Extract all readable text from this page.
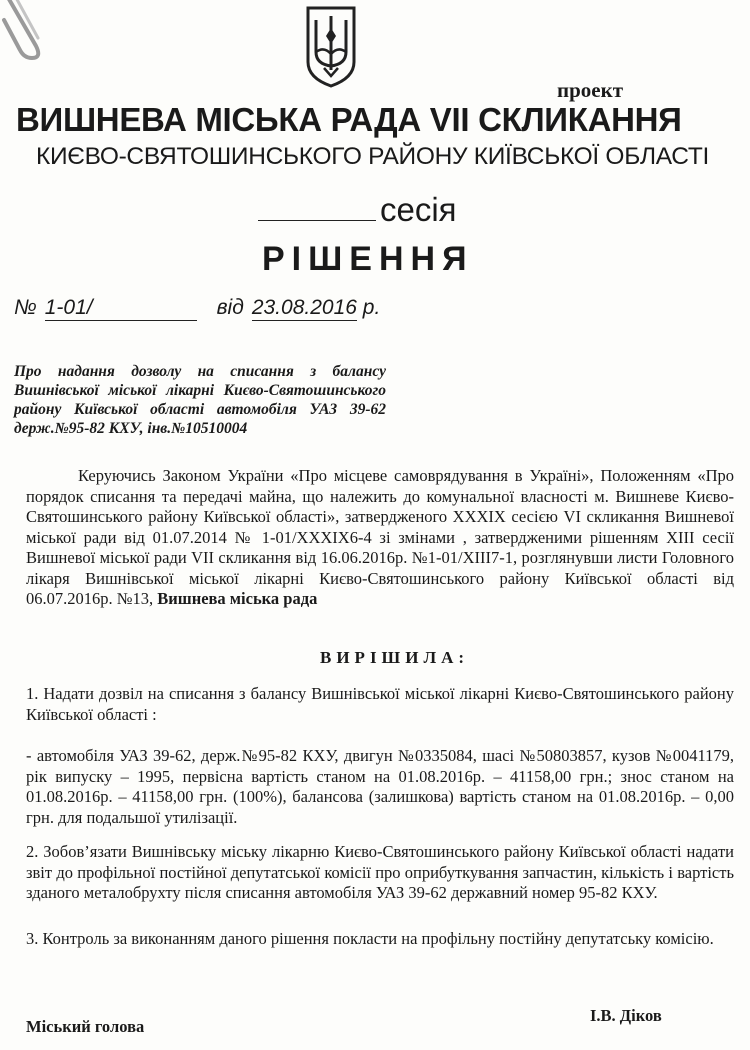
проект
ВИШНЕВА МІСЬКА РАДА VII СКЛИКАННЯ
КИЄВО-СВЯТОШИНСЬКОГО РАЙОНУ КИЇВСЬКОЇ ОБЛАСТІ
сесія
РІШЕННЯ
№ 1-01/	від 23.08.2016 р.
Про надання дозволу на списання з балансу Вишнівської міської лікарні Києво-Святошинського району Київської області автомобіля УАЗ 39-62 держ.№95-82 КХУ, інв.№10510004
Керуючись Законом України «Про місцеве самоврядування в Україні», Положенням «Про порядок списання та передачі майна, що належить до комунальної власності м. Вишневе Києво-Святошинського району Київської області», затвердженого XXXIX сесією VI скликання Вишневої міської ради від 01.07.2014 № 1-01/XXXIX6-4 зі змінами , затвердженими рішенням XIII сесії Вишневої міської ради VII скликання від 16.06.2016р. №1-01/XIII7-1, розглянувши листи Головного лікаря Вишнівської міської лікарні Києво-Святошинського району Київської області від 06.07.2016р. №13, Вишнева міська рада
ВИРІШИЛА:
1. Надати дозвіл на списання з балансу Вишнівської міської лікарні Києво-Святошинського району Київської області :
- автомобіля УАЗ 39-62, держ.№95-82 КХУ, двигун №0335084, шасі №50803857, кузов №0041179, рік випуску – 1995, первісна вартість станом на 01.08.2016р. – 41158,00 грн.; знос станом на 01.08.2016р. – 41158,00 грн. (100%), балансова (залишкова) вартість станом на 01.08.2016р. – 0,00 грн. для подальшої утилізації.
2. Зобов’язати Вишнівську міську лікарню Києво-Святошинського району Київської області надати звіт до профільної постійної депутатської комісії про оприбуткування запчастин, кількість і вартість зданого металобрухту після списання автомобіля УАЗ 39-62 державний номер 95-82 КХУ.
3. Контроль за виконанням даного рішення покласти на профільну постійну депутатську комісію.
Міський голова
І.В. Діков
